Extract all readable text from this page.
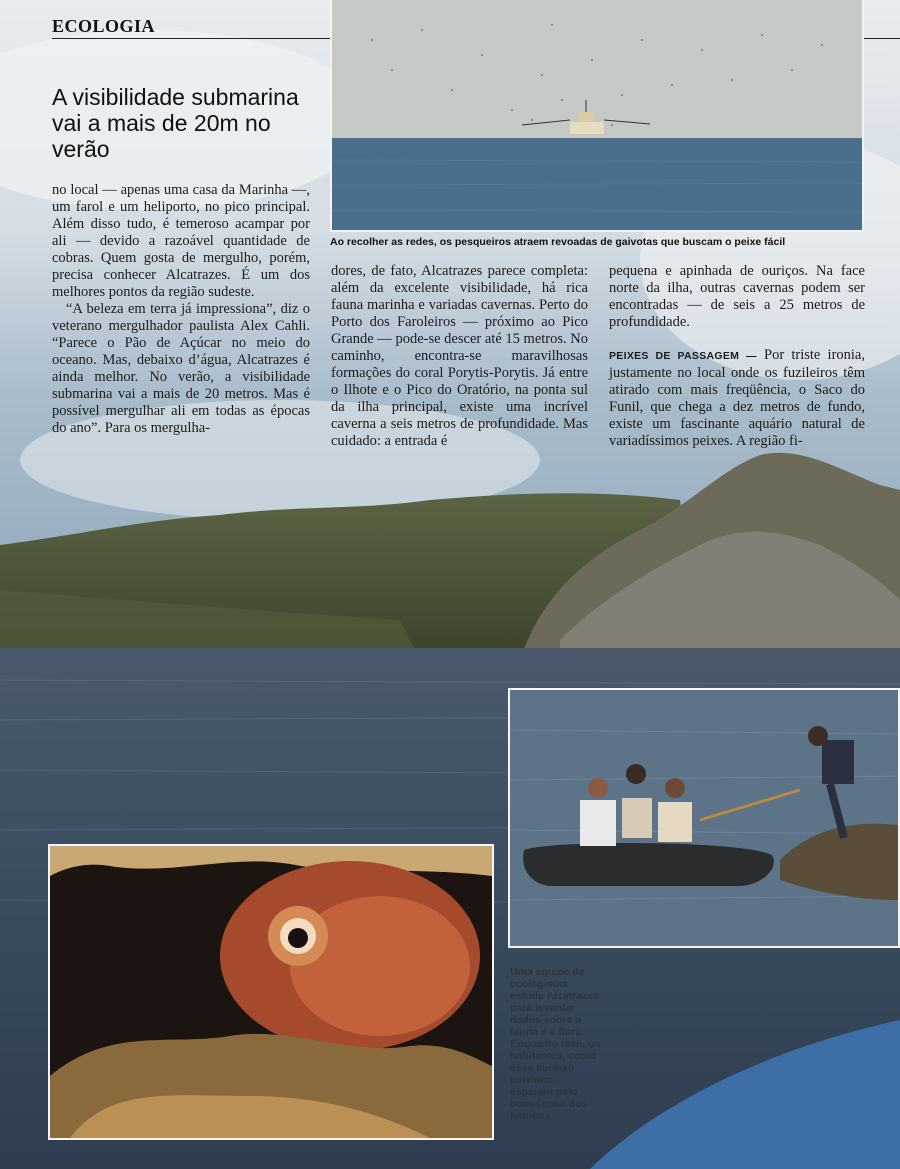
ECOLOGIA
Ao recolher as redes, os pesqueiros atraem revoadas de gaivotas que buscam o peixe fácil
A visibilidade submarina vai a mais de 20m no verão

no local — apenas uma casa da Marinha —, um farol e um heliporto, no pico principal. Além disso tudo, é temeroso acampar por ali — devido a razoável quantidade de cobras. Quem gosta de mergulho, porém, precisa conhecer Alcatrazes. É um dos melhores pontos da região sudeste.

“A beleza em terra já impressiona”, diz o veterano mergulhador paulista Alex Cahli. “Parece o Pão de Açúcar no meio do oceano. Mas, debaixo d’água, Alcatrazes é ainda melhor. No verão, a visibilidade submarina vai a mais de 20 metros. Mas é possível mergulhar ali em todas as épocas do ano”. Para os mergulha-

dores, de fato, Alcatrazes parece completa: além da excelente visibilidade, há rica fauna marinha e variadas cavernas. Perto do Porto dos Faroleiros — próximo ao Pico Grande — pode-se descer até 15 metros. No caminho, encontra-se maravilhosas formações do coral Porytis-Porytis. Já entre o Ilhote e o Pico do Oratório, na ponta sul da ilha principal, existe uma incrível caverna a seis metros de profundidade. Mas cuidado: a entrada é

pequena e apinhada de ouriços. Na face norte da ilha, outras cavernas podem ser encontradas — de seis a 25 metros de profundidade.

PEIXES DE PASSAGEM — Por triste ironia, justamente no local onde os fuzileiros têm atirado com mais freqüência, o Saco do Funil, que chega a dez metros de fundo, existe um fascinante aquário natural de variadíssimos peixes. A região fi-

Uma equipe de ecologistas estuda Alcatrazes para levantar dados sobre a fauna e a flora. Enquanto isso, os habitantes, como esse curioso peixinho, esperam pelo bom-senso dos homens
